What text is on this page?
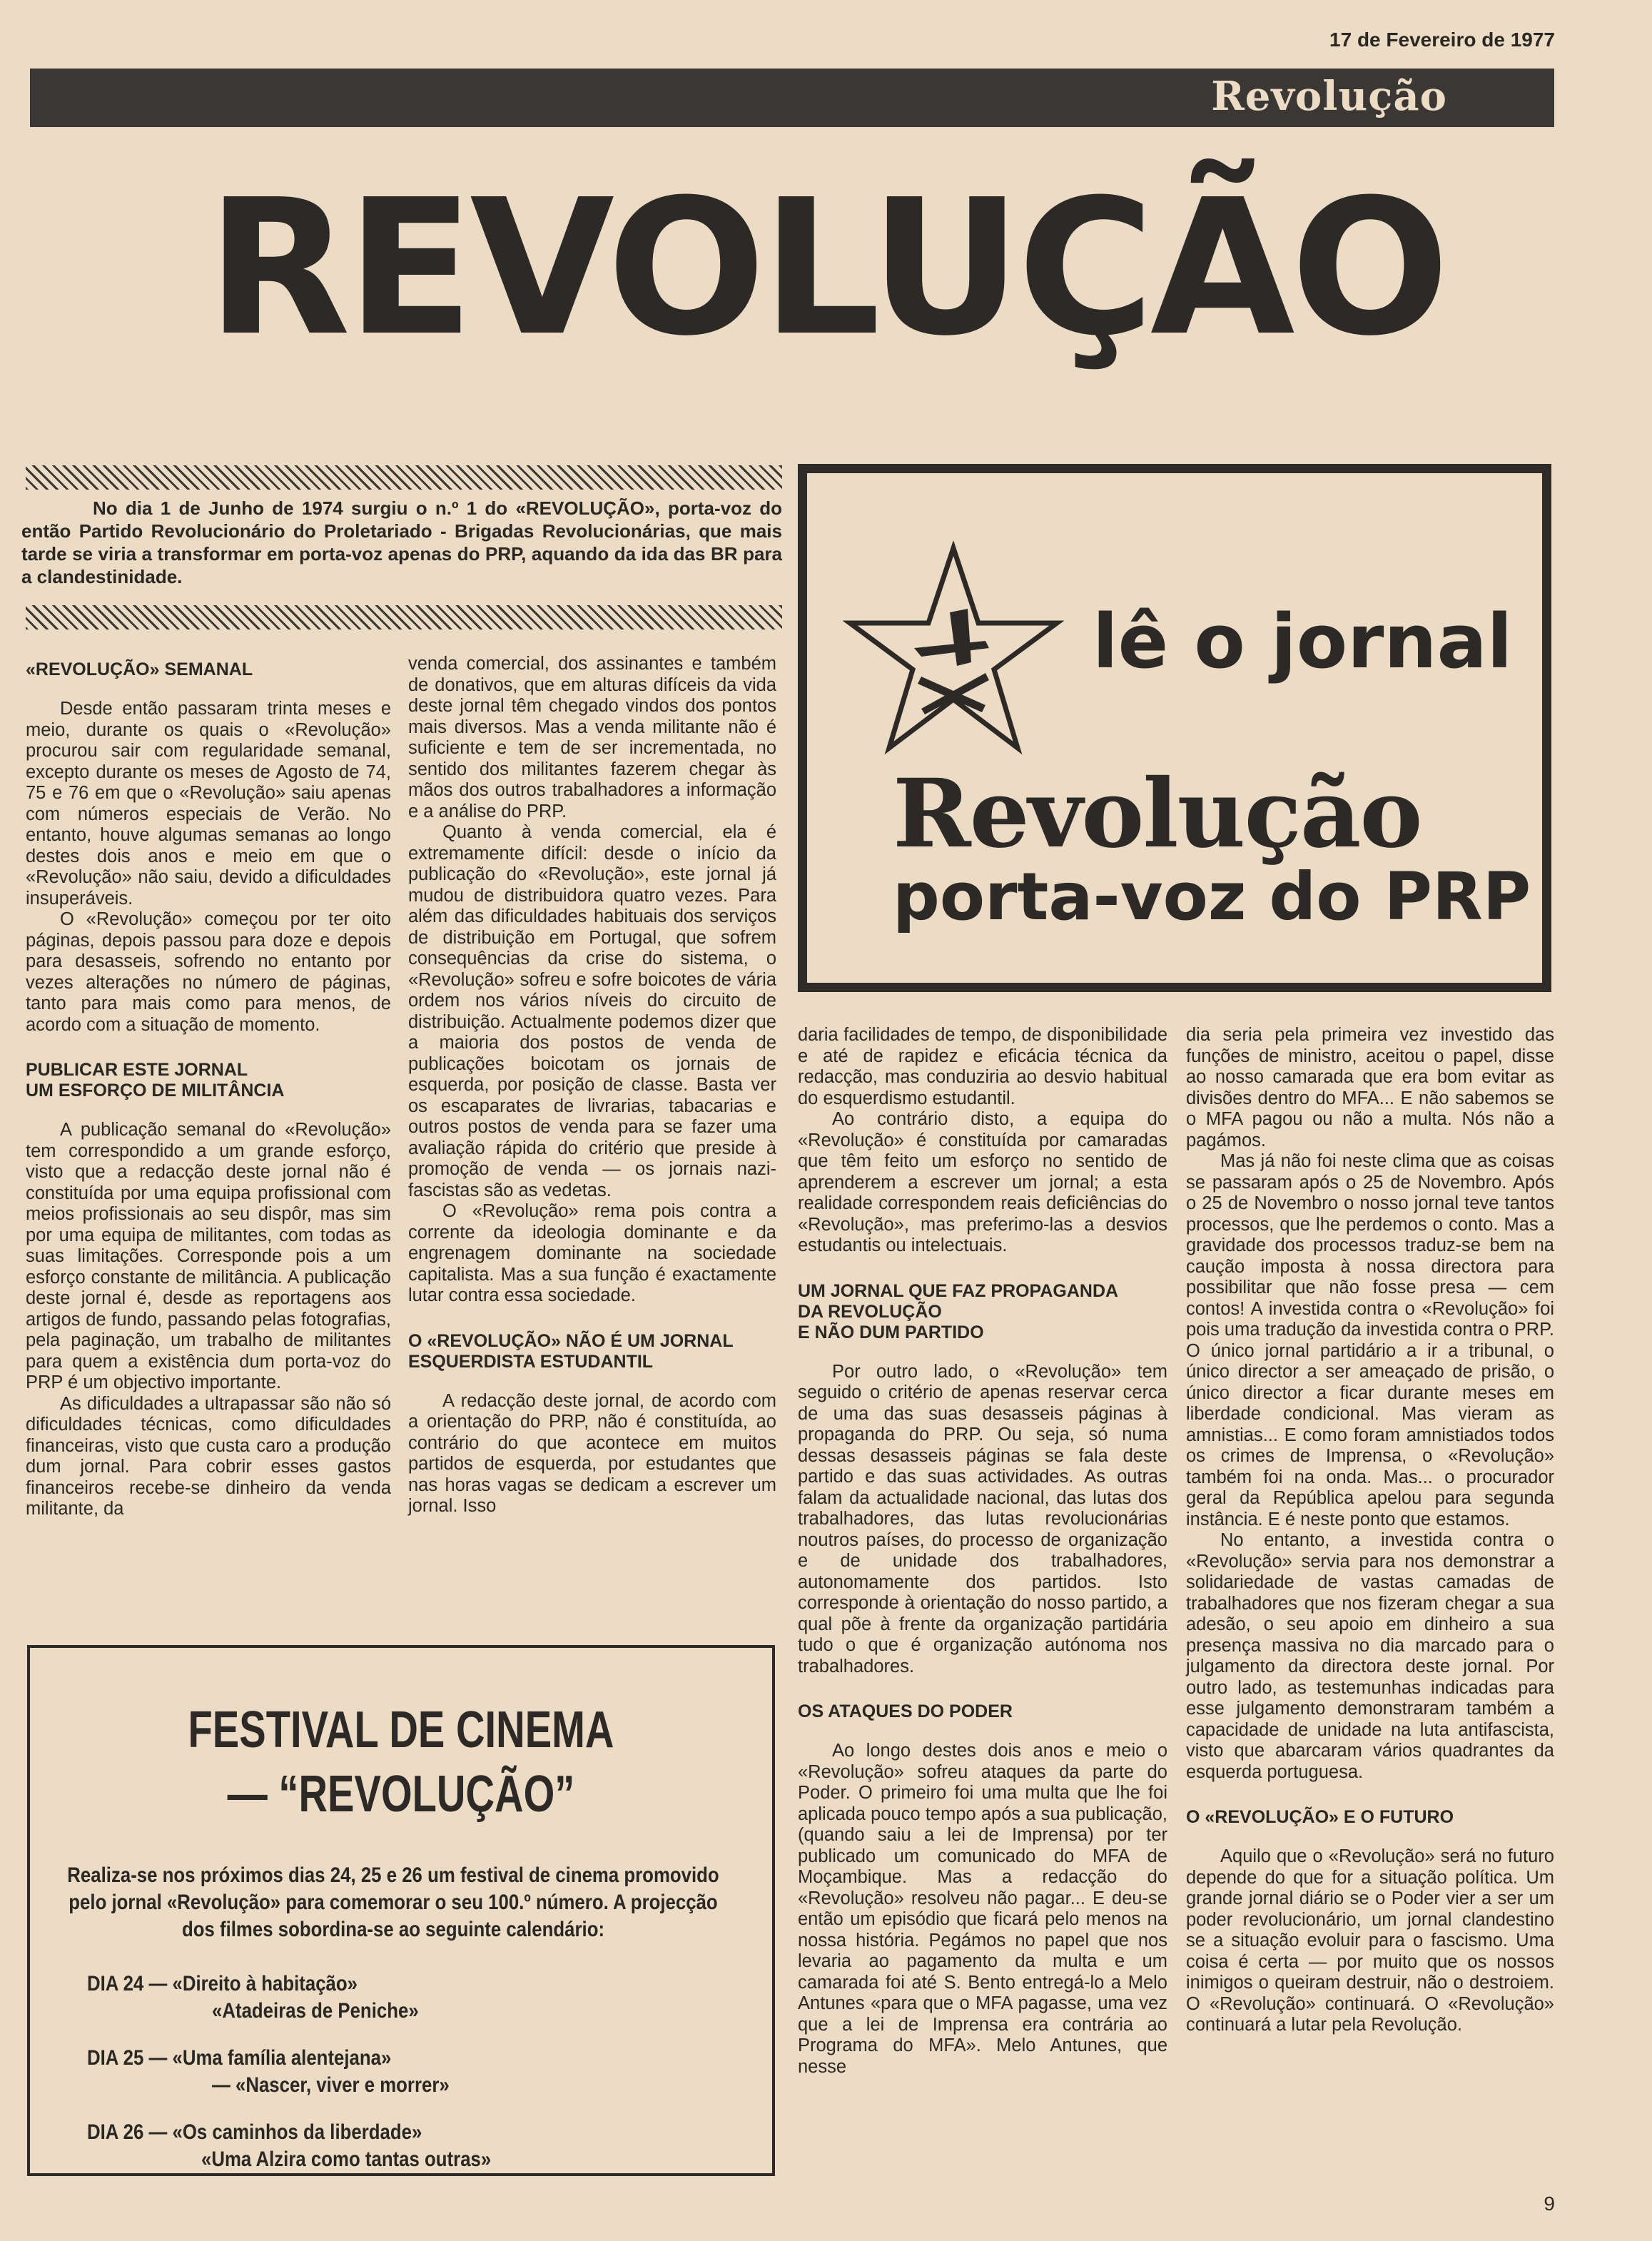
17 de Fevereiro de 1977
Revolução
REVOLUÇÃO
No dia 1 de Junho de 1974 surgiu o n.º 1 do «REVOLUÇÃO», porta-voz do então Partido Revolucionário do Proletariado - Brigadas Revolucionárias, que mais tarde se viria a transformar em porta-voz apenas do PRP, aquando da ida das BR para a clandestinidade.
«REVOLUÇÃO» SEMANAL

Desde então passaram trinta meses e meio, durante os quais o «Revolução» procurou sair com regularidade semanal, excepto durante os meses de Agosto de 74, 75 e 76 em que o «Revolução» saiu apenas com números especiais de Verão. No entanto, houve algumas semanas ao longo destes dois anos e meio em que o «Revolução» não saiu, devido a dificuldades insuperáveis.

O «Revolução» começou por ter oito páginas, depois passou para doze e depois para desasseis, sofrendo no entanto por vezes alterações no número de páginas, tanto para mais como para menos, de acordo com a situação de momento.

PUBLICAR ESTE JORNAL
UM ESFORÇO DE MILITÂNCIA

A publicação semanal do «Revolução» tem correspondido a um grande esforço, visto que a redacção deste jornal não é constituída por uma equipa profissional com meios profissionais ao seu dispôr, mas sim por uma equipa de militantes, com todas as suas limitações. Corresponde pois a um esforço constante de militância. A publicação deste jornal é, desde as reportagens aos artigos de fundo, passando pelas fotografias, pela paginação, um trabalho de militantes para quem a existência dum porta-voz do PRP é um objectivo importante.

As dificuldades a ultrapassar são não só dificuldades técnicas, como dificuldades financeiras, visto que custa caro a produção dum jornal. Para cobrir esses gastos financeiros recebe-se dinheiro da venda militante, da

venda comercial, dos assinantes e também de donativos, que em alturas difíceis da vida deste jornal têm chegado vindos dos pontos mais diversos. Mas a venda militante não é suficiente e tem de ser incrementada, no sentido dos militantes fazerem chegar às mãos dos outros trabalhadores a informação e a análise do PRP.

Quanto à venda comercial, ela é extremamente difícil: desde o início da publicação do «Revolução», este jornal já mudou de distribuidora quatro vezes. Para além das dificuldades habituais dos serviços de distribuição em Portugal, que sofrem consequências da crise do sistema, o «Revolução» sofreu e sofre boicotes de vária ordem nos vários níveis do circuito de distribuição. Actualmente podemos dizer que a maioria dos postos de venda de publicações boicotam os jornais de esquerda, por posição de classe. Basta ver os escaparates de livrarias, tabacarias e outros postos de venda para se fazer uma avaliação rápida do critério que preside à promoção de venda — os jornais nazi-fascistas são as vedetas.

O «Revolução» rema pois contra a corrente da ideologia dominante e da engrenagem dominante na sociedade capitalista. Mas a sua função é exactamente lutar contra essa sociedade.

O «REVOLUÇÃO» NÃO É UM JORNAL
ESQUERDISTA ESTUDANTIL

A redacção deste jornal, de acordo com a orientação do PRP, não é constituída, ao contrário do que acontece em muitos partidos de esquerda, por estudantes que nas horas vagas se dedicam a escrever um jornal. Isso

lê o jornal
Revolução
porta-voz do PRP

daria facilidades de tempo, de disponibilidade e até de rapidez e eficácia técnica da redacção, mas conduziria ao desvio habitual do esquerdismo estudantil.

Ao contrário disto, a equipa do «Revolução» é constituída por camaradas que têm feito um esforço no sentido de aprenderem a escrever um jornal; a esta realidade correspondem reais deficiências do «Revolução», mas preferimo-las a desvios estudantis ou intelectuais.

UM JORNAL QUE FAZ PROPAGANDA
DA REVOLUÇÃO
E NÃO DUM PARTIDO

Por outro lado, o «Revolução» tem seguido o critério de apenas reservar cerca de uma das suas desasseis páginas à propaganda do PRP. Ou seja, só numa dessas desasseis páginas se fala deste partido e das suas actividades. As outras falam da actualidade nacional, das lutas dos trabalhadores, das lutas revolucionárias noutros países, do processo de organização e de unidade dos trabalhadores, autonomamente dos partidos. Isto corresponde à orientação do nosso partido, a qual põe à frente da organização partidária tudo o que é organização autónoma nos trabalhadores.

OS ATAQUES DO PODER

Ao longo destes dois anos e meio o «Revolução» sofreu ataques da parte do Poder. O primeiro foi uma multa que lhe foi aplicada pouco tempo após a sua publicação, (quando saiu a lei de Imprensa) por ter publicado um comunicado do MFA de Moçambique. Mas a redacção do «Revolução» resolveu não pagar... E deu-se então um episódio que ficará pelo menos na nossa história. Pegámos no papel que nos levaria ao pagamento da multa e um camarada foi até S. Bento entregá-lo a Melo Antunes «para que o MFA pagasse, uma vez que a lei de Imprensa era contrária ao Programa do MFA». Melo Antunes, que nesse

dia seria pela primeira vez investido das funções de ministro, aceitou o papel, disse ao nosso camarada que era bom evitar as divisões dentro do MFA... E não sabemos se o MFA pagou ou não a multa. Nós não a pagámos.

Mas já não foi neste clima que as coisas se passaram após o 25 de Novembro. Após o 25 de Novembro o nosso jornal teve tantos processos, que lhe perdemos o conto. Mas a gravidade dos processos traduz-se bem na caução imposta à nossa directora para possibilitar que não fosse presa — cem contos! A investida contra o «Revolução» foi pois uma tradução da investida contra o PRP. O único jornal partidário a ir a tribunal, o único director a ser ameaçado de prisão, o único director a ficar durante meses em liberdade condicional. Mas vieram as amnistias... E como foram amnistiados todos os crimes de Imprensa, o «Revolução» também foi na onda. Mas... o procurador geral da República apelou para segunda instância. E é neste ponto que estamos.

No entanto, a investida contra o «Revolução» servia para nos demonstrar a solidariedade de vastas camadas de trabalhadores que nos fizeram chegar a sua adesão, o seu apoio em dinheiro a sua presença massiva no dia marcado para o julgamento da directora deste jornal. Por outro lado, as testemunhas indicadas para esse julgamento demonstraram também a capacidade de unidade na luta antifascista, visto que abarcaram vários quadrantes da esquerda portuguesa.

O «REVOLUÇÃO» E O FUTURO

Aquilo que o «Revolução» será no futuro depende do que for a situação política. Um grande jornal diário se o Poder vier a ser um poder revolucionário, um jornal clandestino se a situação evoluir para o fascismo. Uma coisa é certa — por muito que os nossos inimigos o queiram destruir, não o destroiem. O «Revolução» continuará. O «Revolução» continuará a lutar pela Revolução.

FESTIVAL DE CINEMA
— “REVOLUÇÃO”
Realiza-se nos próximos dias 24, 25 e 26 um festival de cinema promovido pelo jornal «Revolução» para comemorar o seu 100.º número. A projecção dos filmes sobordina-se ao seguinte calendário:
DIA 24 — «Direito à habitação»
«Atadeiras de Peniche»
DIA 25 — «Uma família alentejana»
— «Nascer, viver e morrer»
DIA 26 — «Os caminhos da liberdade»
«Uma Alzira como tantas outras»
9
